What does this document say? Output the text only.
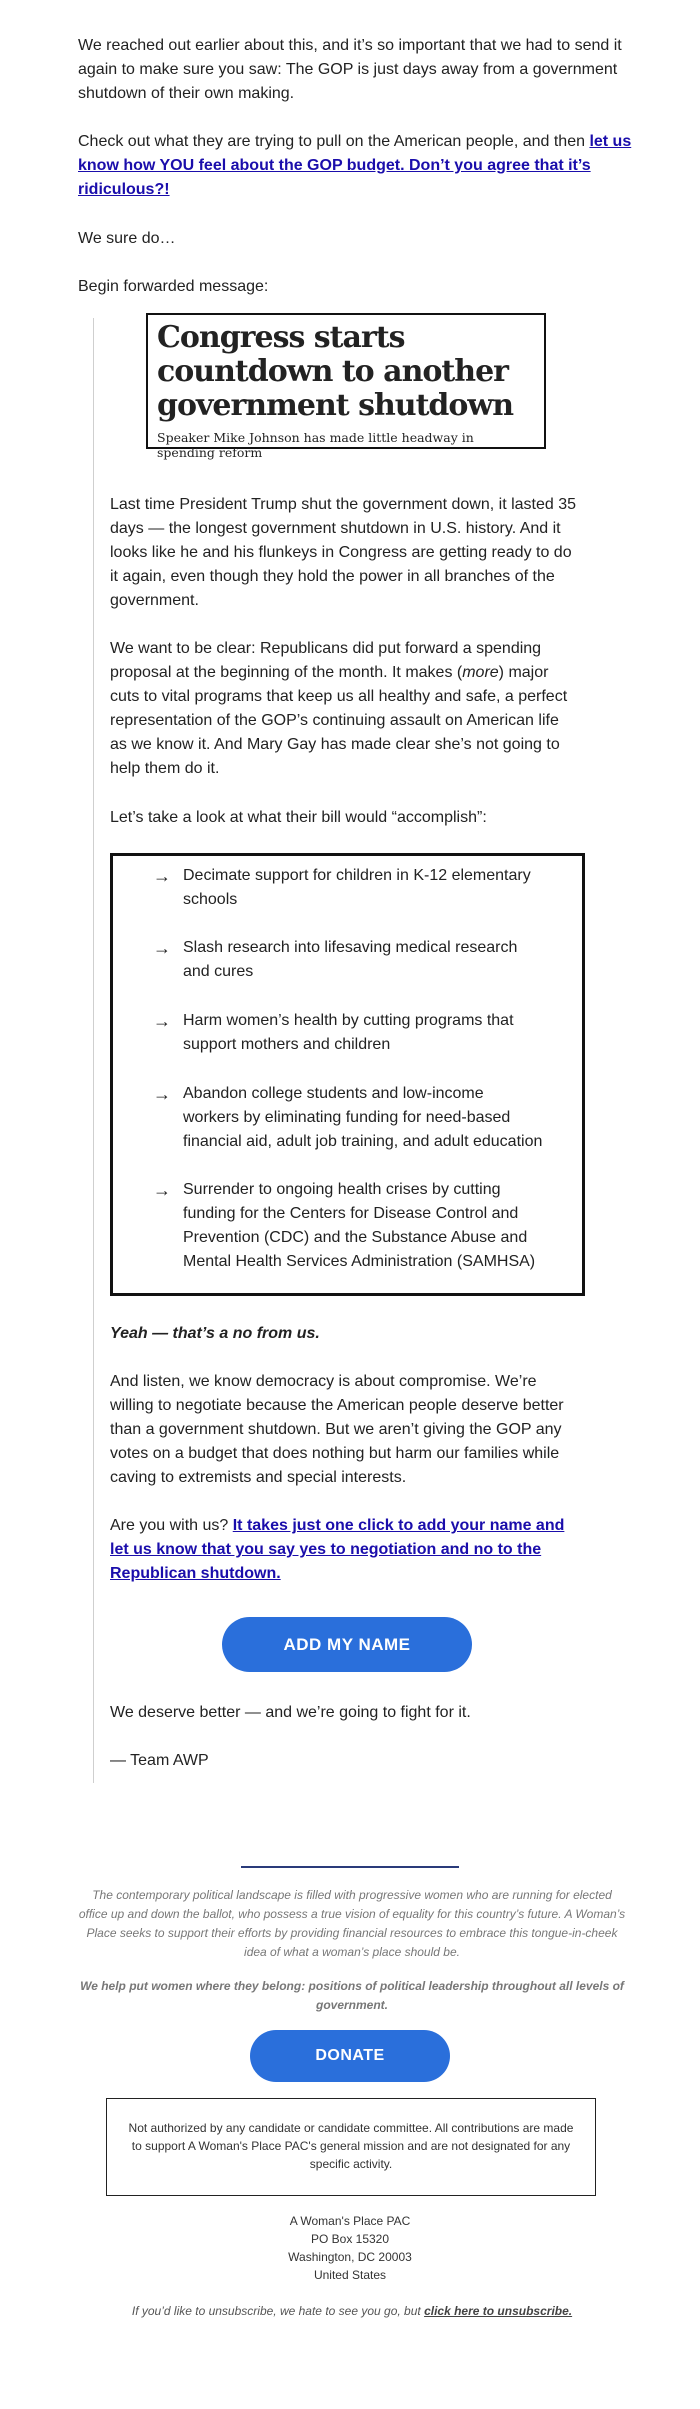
We reached out earlier about this, and it’s so important that we had to send it again to make sure you saw: The GOP is just days away from a government shutdown of their own making.

Check out what they are trying to pull on the American people, and then let us know how YOU feel about the GOP budget. Don’t you agree that it’s ridiculous?!

We sure do…

Begin forwarded message:

Congress starts countdown to another government shutdown

Speaker Mike Johnson has made little headway in spending reform

Last time President Trump shut the government down, it lasted 35 days — the longest government shutdown in U.S. history. And it looks like he and his flunkeys in Congress are getting ready to do it again, even though they hold the power in all branches of the government.

We want to be clear: Republicans did put forward a spending proposal at the beginning of the month. It makes (more) major cuts to vital programs that keep us all healthy and safe, a perfect representation of the GOP’s continuing assault on American life as we know it. And Mary Gay has made clear she’s not going to help them do it.

Let’s take a look at what their bill would “accomplish”:

→ Decimate support for children in K-12 elementary schools
→ Slash research into lifesaving medical research and cures
→ Harm women’s health by cutting programs that support mothers and children
→ Abandon college students and low-income workers by eliminating funding for need-based financial aid, adult job training, and adult education
→ Surrender to ongoing health crises by cutting funding for the Centers for Disease Control and Prevention (CDC) and the Substance Abuse and Mental Health Services Administration (SAMHSA)

Yeah — that’s a no from us.

And listen, we know democracy is about compromise. We’re willing to negotiate because the American people deserve better than a government shutdown. But we aren’t giving the GOP any votes on a budget that does nothing but harm our families while caving to extremists and special interests.

Are you with us? It takes just one click to add your name and let us know that you say yes to negotiation and no to the Republican shutdown.

ADD MY NAME

We deserve better — and we’re going to fight for it.

— Team AWP

The contemporary political landscape is filled with progressive women who are running for elected office up and down the ballot, who possess a true vision of equality for this country’s future. A Woman’s Place seeks to support their efforts by providing financial resources to embrace this tongue-in-cheek idea of what a woman’s place should be.

We help put women where they belong: positions of political leadership throughout all levels of government.

DONATE
Not authorized by any candidate or candidate committee. All contributions are made to support A Woman's Place PAC's general mission and are not designated for any specific activity.
A Woman's Place PAC
PO Box 15320
Washington, DC 20003
United States

If you’d like to unsubscribe, we hate to see you go, but click here to unsubscribe.
